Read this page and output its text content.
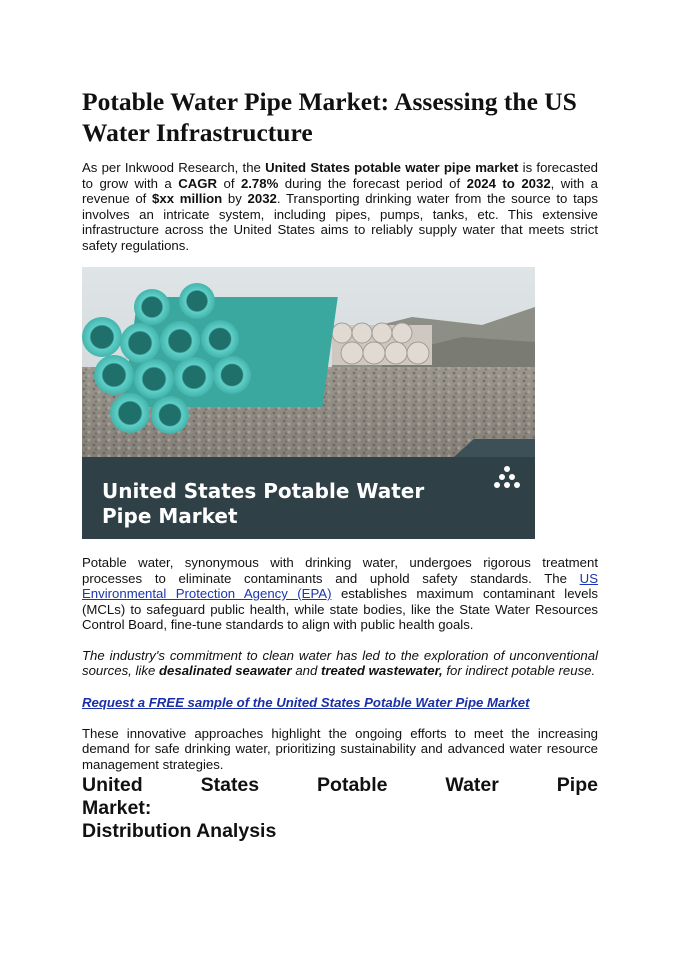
Potable Water Pipe Market: Assessing the US Water Infrastructure

As per Inkwood Research, the United States potable water pipe market is forecasted to grow with a CAGR of 2.78% during the forecast period of 2024 to 2032, with a revenue of $xx million by 2032. Transporting drinking water from the source to taps involves an intricate system, including pipes, pumps, tanks, etc. This extensive infrastructure across the United States aims to reliably supply water that meets strict safety regulations.

United States Potable Water
Pipe Market

Potable water, synonymous with drinking water, undergoes rigorous treatment processes to eliminate contaminants and uphold safety standards. The US Environmental Protection Agency (EPA) establishes maximum contaminant levels (MCLs) to safeguard public health, while state bodies, like the State Water Resources Control Board, fine-tune standards to align with public health goals.

The industry's commitment to clean water has led to the exploration of unconventional sources, like desalinated seawater and treated wastewater, for indirect potable reuse.

Request a FREE sample of the United States Potable Water Pipe Market

These innovative approaches highlight the ongoing efforts to meet the increasing demand for safe drinking water, prioritizing sustainability and advanced water resource management strategies.

United	States	Potable	Water	Pipe
Market:
Distribution Analysis
